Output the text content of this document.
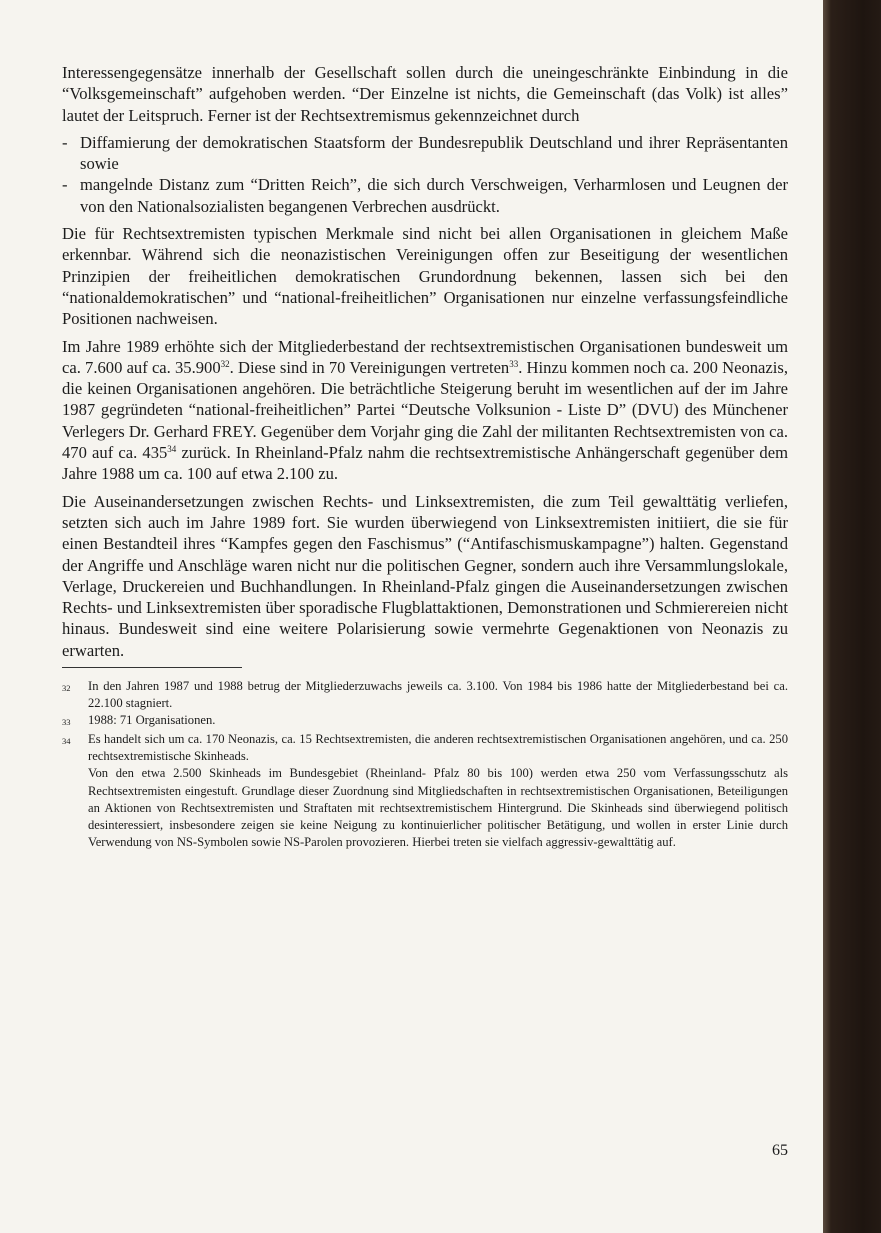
Interessengegensätze innerhalb der Gesellschaft sollen durch die uneingeschränkte Einbindung in die “Volksgemeinschaft” aufgehoben werden. “Der Einzelne ist nichts, die Gemeinschaft (das Volk) ist alles” lautet der Leitspruch. Ferner ist der Rechtsextremismus gekennzeichnet durch

- Diffamierung der demokratischen Staatsform der Bundesrepublik Deutschland und ihrer Repräsentanten sowie
- mangelnde Distanz zum “Dritten Reich”, die sich durch Verschweigen, Verharmlosen und Leugnen der von den Nationalsozialisten begangenen Verbrechen ausdrückt.

Die für Rechtsextremisten typischen Merkmale sind nicht bei allen Organisationen in gleichem Maße erkennbar. Während sich die neonazistischen Vereinigungen offen zur Beseitigung der wesentlichen Prinzipien der freiheitlichen demokratischen Grundordnung bekennen, lassen sich bei den “nationaldemokratischen” und “national-freiheitlichen” Organisationen nur einzelne verfassungsfeindliche Positionen nachweisen.

Im Jahre 1989 erhöhte sich der Mitgliederbestand der rechtsextremistischen Organisationen bundesweit um ca. 7.600 auf ca. 35.900$^{32}$. Diese sind in 70 Vereinigungen vertreten$^{33}$. Hinzu kommen noch ca. 200 Neonazis, die keinen Organisationen angehören. Die beträchtliche Steigerung beruht im wesentlichen auf der im Jahre 1987 gegründeten “national-freiheitlichen” Partei “Deutsche Volksunion - Liste D” (DVU) des Münchener Verlegers Dr. Gerhard FREY. Gegenüber dem Vorjahr ging die Zahl der militanten Rechtsextremisten von ca. 470 auf ca. $435^{34}$ zurück. In Rheinland-Pfalz nahm die rechtsextremistische Anhängerschaft gegenüber dem Jahre 1988 um ca. 100 auf etwa 2.100 zu.

Die Auseinandersetzungen zwischen Rechts- und Linksextremisten, die zum Teil gewalttätig verliefen, setzten sich auch im Jahre 1989 fort. Sie wurden überwiegend von Linksextremisten initiiert, die sie für einen Bestandteil ihres “Kampfes gegen den Faschismus” (“Antifaschismuskampagne”) halten. Gegenstand der Angriffe und Anschläge waren nicht nur die politischen Gegner, sondern auch ihre Versammlungslokale, Verlage, Druckereien und Buchhandlungen. In Rheinland-Pfalz gingen die Auseinandersetzungen zwischen Rechts- und Linksextremisten über sporadische Flugblattaktionen, Demonstrationen und Schmierereien nicht hinaus. Bundesweit sind eine weitere Polarisierung sowie vermehrte Gegenaktionen von Neonazis zu erwarten.

32	In den Jahren 1987 und 1988 betrug der Mitgliederzuwachs jeweils ca. 3.100. Von 1984 bis 1986 hatte der Mitgliederbestand bei ca. 22.100 stagniert.

33	1988: 71 Organisationen.

34	Es handelt sich um ca. 170 Neonazis, ca. 15 Rechtsextremisten, die anderen rechtsextremistischen Organisationen angehören, und ca. 250 rechtsextremistische Skinheads.

Von den etwa 2.500 Skinheads im Bundesgebiet (Rheinland- Pfalz 80 bis 100) werden etwa 250 vom Verfassungsschutz als Rechtsextremisten eingestuft. Grundlage dieser Zuordnung sind Mitgliedschaften in rechtsextremistischen Organisationen, Beteiligungen an Aktionen von Rechtsextremisten und Straftaten mit rechtsextremistischem Hintergrund. Die Skinheads sind überwiegend politisch desinteressiert, insbesondere zeigen sie keine Neigung zu kontinuierlicher politischer Betätigung, und wollen in erster Linie durch Verwendung von NS-Symbolen sowie NS-Parolen provozieren. Hierbei treten sie vielfach aggressiv-gewalttätig auf.

65
